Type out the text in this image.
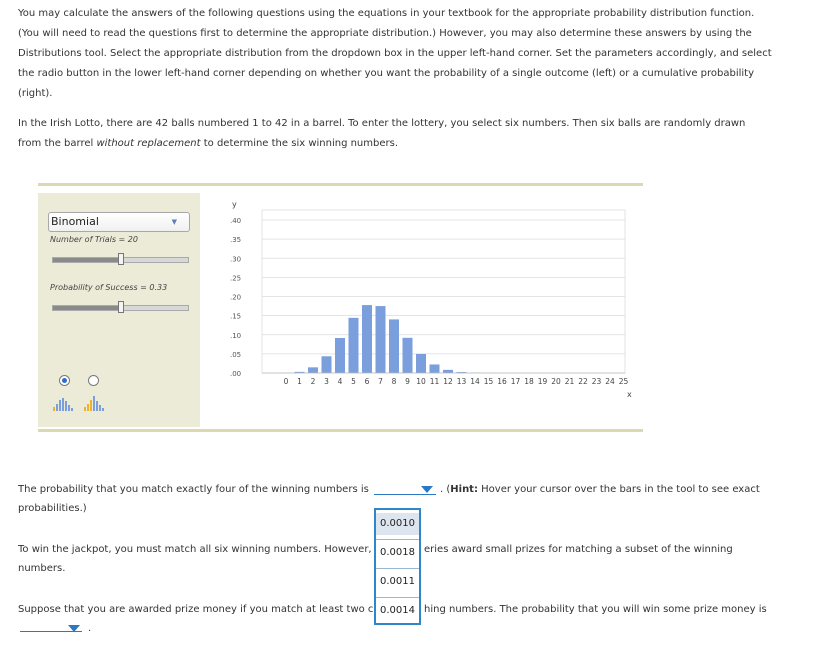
You may calculate the answers of the following questions using the equations in your textbook for the appropriate probability distribution function.
(You will need to read the questions first to determine the appropriate distribution.) However, you may also determine these answers by using the
Distributions tool. Select the appropriate distribution from the dropdown box in the upper left-hand corner. Set the parameters accordingly, and select
the radio button in the lower left-hand corner depending on whether you want the probability of a single outcome (left) or a cumulative probability
(right).
In the Irish Lotto, there are 42 balls numbered 1 to 42 in a barrel. To enter the lottery, you select six numbers. Then six balls are randomly drawn
from the barrel without replacement to determine the six winning numbers.
Binomial	▼
Number of Trials = 20
Probability of Success = 0.33
y
x
.40
.35
.30
.25
.20
.15
.10
.05
.00
0 1 2 3 4 5 6 7 8 9 10 11 12 13 14 15 16 17 18 19 20 21 22 23 24 25
The probability that you match exactly four of the winning numbers is	. (Hint: Hover your cursor over the bars in the tool to see exact
probabilities.)
To win the jackpot, you must match all six winning numbers. However,	eries award small prizes for matching a subset of the winning
numbers.
Suppose that you are awarded prize money if you match at least two c	hing numbers. The probability that you will win some prize money is
.
0.0010
0.0018
0.0011
0.0014
